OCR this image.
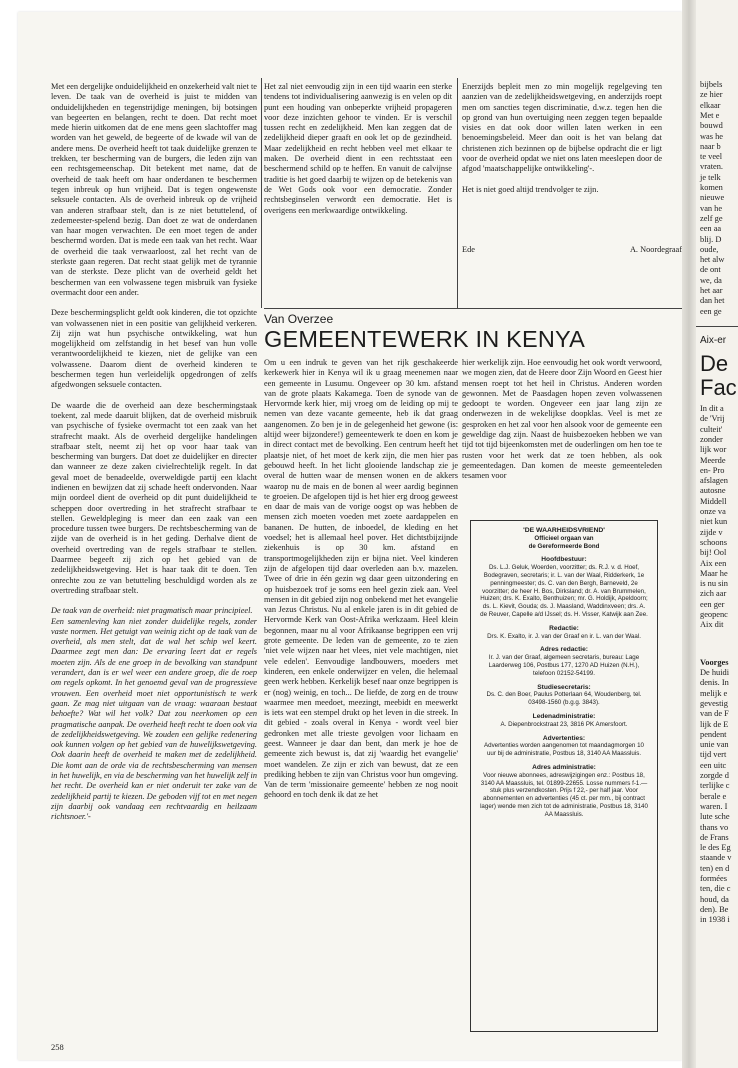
Met een dergelijke onduidelijkheid en onzekerheid valt niet te leven. De taak van de overheid is juist te midden van onduidelijkheden en tegenstrijdige meningen, bij botsingen van begeerten en belangen, recht te doen. Dat recht moet mede hierin uitkomen dat de ene mens geen slachtoffer mag worden van het geweld, de begeerte of de kwade wil van de andere mens. De overheid heeft tot taak duidelijke grenzen te trekken, ter bescherming van de burgers, die leden zijn van een rechtsgemeenschap. Dit betekent met name, dat de overheid de taak heeft om haar onderdanen te beschermen tegen inbreuk op hun vrijheid. Dat is tegen ongewenste seksuele contacten. Als de overheid inbreuk op de vrijheid van anderen strafbaar stelt, dan is ze niet betuttelend, of zedemeester-spelend bezig. Dan doet ze wat de onderdanen van haar mogen verwachten. De een moet tegen de ander beschermd worden. Dat is mede een taak van het recht. Waar de overheid die taak verwaarloost, zal het recht van de sterkste gaan regeren. Dat recht staat gelijk met de tyrannie van de sterkste. Deze plicht van de overheid geldt het beschermen van een volwassene tegen misbruik van fysieke overmacht door een ander.

Deze beschermingsplicht geldt ook kinderen, die tot opzichte van volwassenen niet in een positie van gelijkheid verkeren. Zij zijn wat hun psychische ontwikkeling, wat hun mogelijkheid om zelfstandig in het besef van hun volle verantwoordelijkheid te kiezen, niet de gelijke van een volwassene. Daarom dient de overheid kinderen te beschermen tegen hun verleidelijk opgedrongen of zelfs afgedwongen seksuele contacten.

De waarde die de overheid aan deze beschermingstaak toekent, zal mede daaruit blijken, dat de overheid misbruik van psychische of fysieke overmacht tot een zaak van het strafrecht maakt. Als de overheid dergelijke handelingen strafbaar stelt, neemt zij het op voor haar taak van bescherming van burgers. Dat doet ze duidelijker en directer dan wanneer ze deze zaken civielrechtelijk regelt. In dat geval moet de benadeelde, overweldigde partij een klacht indienen en bewijzen dat zij schade heeft ondervonden. Naar mijn oordeel dient de overheid op dit punt duidelijkheid te scheppen door overtreding in het strafrecht strafbaar te stellen. Geweldpleging is meer dan een zaak van een procedure tussen twee burgers. De rechtsbescherming van de zijde van de overheid is in het geding. Derhalve dient de overheid overtreding van de regels strafbaar te stellen. Daarmee begeeft zij zich op het gebied van de zedelijkheidswetgeving. Het is haar taak dit te doen. Ten onrechte zou ze van betutteling beschuldigd worden als ze overtreding strafbaar stelt.

De taak van de overheid: niet pragmatisch maar principieel.

Een samenleving kan niet zonder duidelijke regels, zonder vaste normen. Het getuigt van weinig zicht op de taak van de overheid, als men stelt, dat de wal het schip wel keert. Daarmee zegt men dan: De ervaring leert dat er regels moeten zijn. Als de ene groep in de bevolking van standpunt verandert, dan is er wel weer een andere groep, die de roep om regels opkomt. In het genoemd geval van de progressieve vrouwen. Een overheid moet niet opportunistisch te werk gaan. Ze mag niet uitgaan van de vraag: waaraan bestaat behoefte? Wat wil het volk? Dat zou neerkomen op een pragmatische aanpak. De overheid heeft recht te doen ook via de zedelijkheidswetgeving. We zouden een gelijke redenering ook kunnen volgen op het gebied van de huwelijkswetgeving. Ook daarin heeft de overheid te maken met de zedelijkheid. Die komt aan de orde via de rechtsbescherming van mensen in het huwelijk, en via de bescherming van het huwelijk zelf in het recht. De overheid kan er niet onderuit ter zake van de zedelijkheid partij te kiezen. De geboden vijf tot en met negen zijn daarbij ook vandaag een rechtvaardig en heilzaam richtsnoer.'-

Het zal niet eenvoudig zijn in een tijd waarin een sterke tendens tot individualisering aanwezig is en velen op dit punt een houding van onbeperkte vrijheid propageren voor deze inzichten gehoor te vinden. Er is verschil tussen recht en zedelijkheid. Men kan zeggen dat de zedelijkheid dieper graaft en ook let op de gezindheid. Maar zedelijkheid en recht hebben veel met elkaar te maken. De overheid dient in een rechtsstaat een beschermend schild op te heffen. En vanuit de calvijnse traditie is het goed daarbij te wijzen op de betekenis van de Wet Gods ook voor een democratie. Zonder rechtsbeginselen verwordt een democratie. Het is overigens een merkwaardige ontwikkeling.

Enerzijds bepleit men zo min mogelijk regelgeving ten aanzien van de zedelijkheidswetgeving, en anderzijds roept men om sancties tegen discriminatie, d.w.z. tegen hen die op grond van hun overtuiging neen zeggen tegen bepaalde visies en dat ook door willen laten werken in een benoemingsbeleid. Meer dan ooit is het van belang dat christenen zich bezinnen op de bijbelse opdracht die er ligt voor de overheid opdat we niet ons laten meeslepen door de afgod 'maatschappelijke ontwikkeling'-.

Het is niet goed altijd trendvolger te zijn.

Ede	A. Noordegraaf
Van Overzee
GEMEENTEWERK IN KENYA

Om u een indruk te geven van het rijk geschakeerde kerkewerk hier in Kenya wil ik u graag meenemen naar een gemeente in Lusumu. Ongeveer op 30 km. afstand van de grote plaats Kakamega. Toen de synode van de Hervormde kerk hier, mij vroeg om de leiding op mij te nemen van deze vacante gemeente, heb ik dat graag aangenomen. Zo ben je in de gelegenheid het gewone (is: altijd weer bijzondere!) gemeentewerk te doen en kom je in direct contact met de bevolking. Een centrum heeft het plaatsje niet, of het moet de kerk zijn, die men hier pas gebouwd heeft. In het licht glooiende landschap zie je overal de hutten waar de mensen wonen en de akkers waarop nu de mais en de bonen al weer aardig beginnen te groeien. De afgelopen tijd is het hier erg droog geweest en daar de mais van de vorige oogst op was hebben de mensen zich moeten voeden met zoete aardappelen en bananen. De hutten, de inboedel, de kleding en het voedsel; het is allemaal heel pover. Het dichtstbijzijnde ziekenhuis is op 30 km. afstand en transportmogelijkheden zijn er bijna niet. Veel kinderen zijn de afgelopen tijd daar overleden aan b.v. mazelen. Twee of drie in één gezin wg daar geen uitzondering en op huisbezoek trof je soms een heel gezin ziek aan. Veel mensen in dit gebied zijn nog onbekend met het evangelie van Jezus Christus. Nu al enkele jaren is in dit gebied de Hervormde Kerk van Oost-Afrika werkzaam. Heel klein begonnen, maar nu al voor Afrikaanse begrippen een vrij grote gemeente. De leden van de gemeente, zo te zien 'niet vele wijzen naar het vlees, niet vele machtigen, niet vele edelen'. Eenvoudige landbouwers, moeders met kinderen, een enkele onderwijzer en velen, die helemaal geen werk hebben. Kerkelijk besef naar onze begrippen is er (nog) weinig, en toch... De liefde, de zorg en de trouw waarmee men meedoet, meezingt, meebidt en meewerkt is iets wat een stempel drukt op het leven in die streek. In dit gebied - zoals overal in Kenya - wordt veel bier gedronken met alle trieste gevolgen voor lichaam en geest. Wanneer je daar dan bent, dan merk je hoe de gemeente zich bewust is, dat zij 'waardig het evangelie' moet wandelen. Ze zijn er zich van bewust, dat ze een prediking hebben te zijn van Christus voor hun omgeving. Van de term 'missionaire gemeente' hebben ze nog nooit gehoord en toch denk ik dat ze het

hier werkelijk zijn. Hoe eenvoudig het ook wordt verwoord, we mogen zien, dat de Heere door Zijn Woord en Geest hier mensen roept tot het heil in Christus. Anderen worden gewonnen. Met de Paasdagen hopen zeven volwassenen gedoopt te worden. Ongeveer een jaar lang zijn ze onderwezen in de wekelijkse doopklas. Veel is met ze gesproken en het zal voor hen alsook voor de gemeente een geweldige dag zijn. Naast de huisbezoeken hebben we van tijd tot tijd bijeenkomsten met de ouderlingen om hen toe te rusten voor het werk dat ze toen hebben, als ook gemeentedagen. Dan komen de meeste gemeenteleden tesamen voor

'DE WAARHEIDSVRIEND'
Officieel orgaan van
de Gereformeerde Bond
Hoofdbestuur:
Ds. L.J. Geluk, Woerden, voorzitter; ds. R.J. v. d. Hoef, Bodegraven, secretaris; ir. L. van der Waal, Ridderkerk, 1e penningmeester; ds. C. van den Bergh, Barneveld, 2e voorzitter; de heer H. Bos, Dirksland; dr. A. van Brummelen, Huizen; drs. K. Exalto, Benthuizen; mr. G. Holdijk, Apeldoorn; ds. L. Kievit, Gouda; ds. J. Maasland, Waddinxveen; drs. A. de Reuver, Capelle a/d IJssel; ds. H. Visser, Katwijk aan Zee.
Redactie:
Drs. K. Exalto, ir. J. van der Graaf en ir. L. van der Waal.
Adres redactie:
Ir. J. van der Graaf, algemeen secretaris, bureau: Lage Laarderweg 106, Postbus 177, 1270 AD Huizen (N.H.), telefoon 02152-54199.
Studiesecretaris:
Ds. C. den Boer, Paulus Potterlaan 64, Woudenberg, tel. 03498-1560 (b.g.g. 3843).
Ledenadministratie:
A. Diepenbrockstraat 23, 3816 PK Amersfoort.
Advertenties:
Advertenties worden aangenomen tot maandagmorgen 10 uur bij de administratie, Postbus 18, 3140 AA Maassluis.
Adres administratie:
Voor nieuwe abonnees, adreswijzigingen enz.: Postbus 18, 3140 AA Maassluis, tel. 01899-22655. Losse nummers f-1.— stuk plus verzendkosten. Prijs f 22,- per half jaar. Voor abonnementen en advertenties (45 ct. per mm., bij contract lager) wende men zich tot de administratie, Postbus 18, 3140 AA Maassluis.
258
bijbels
ze hier
elkaar
Met e
bouwd
was he
naar b
te veel
vraten.
je telk
komen
nieuwe
van he
zelf ge
een aa
blij. D
oude,
het alw
de ont
we, da
het aar
dan het
een ge
Aix-er
De
Fac
In dit a
de 'Vrij
culteit'
zonder
lijk wor
Meerde
en- Pro
afslagen
autosne
Middell
onze va
niet kun
zijde v
schoons
bij! Ool
Aix een
Maar he
is nu sin
zich aar
een ger
geopenc
Aix dit
Voorges
De huidi
denis. In
melijk e
gevestig
van de F
lijk de E
pendent
unie van
tijd vert
een uitc
zorgde d
terlijke c
berale e
waren. I
lute sche
thans vo
de Frans
le des Eg
staande v
ten) en d
formées
ten, die c
houd, da
den). Be
in 1938 i
